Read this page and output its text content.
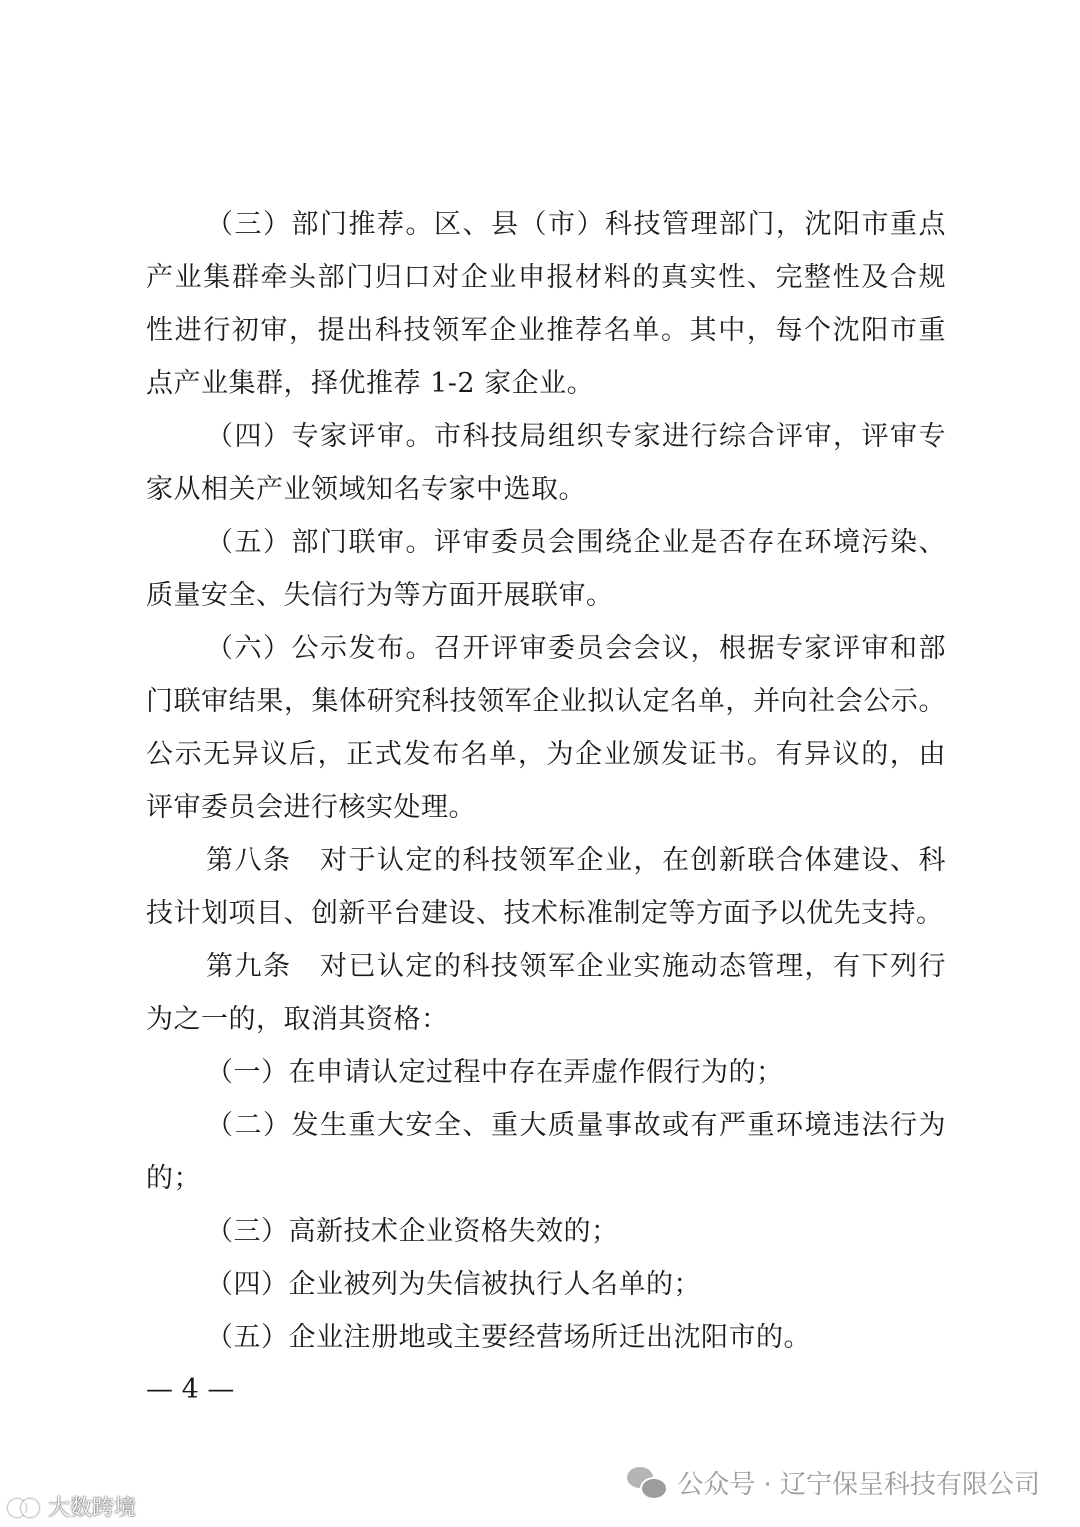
（三）部门推荐。区、县（市）科技管理部门，沈阳市重点
产业集群牵头部门归口对企业申报材料的真实性、完整性及合规
性进行初审，提出科技领军企业推荐名单。其中，每个沈阳市重
点产业集群，择优推荐 1-2 家企业。
（四）专家评审。市科技局组织专家进行综合评审，评审专
家从相关产业领域知名专家中选取。
（五）部门联审。评审委员会围绕企业是否存在环境污染、
质量安全、失信行为等方面开展联审。
（六）公示发布。召开评审委员会会议，根据专家评审和部
门联审结果，集体研究科技领军企业拟认定名单，并向社会公示。
公示无异议后，正式发布名单，为企业颁发证书。有异议的，由
评审委员会进行核实处理。
第八条　对于认定的科技领军企业，在创新联合体建设、科
技计划项目、创新平台建设、技术标准制定等方面予以优先支持。
第九条　对已认定的科技领军企业实施动态管理，有下列行
为之一的，取消其资格：
（一）在申请认定过程中存在弄虚作假行为的；
（二）发生重大安全、重大质量事故或有严重环境违法行为
的；
（三）高新技术企业资格失效的；
（四）企业被列为失信被执行人名单的；
（五）企业注册地或主要经营场所迁出沈阳市的。
— 4 —
公众号 · 辽宁保呈科技有限公司
大数跨境
